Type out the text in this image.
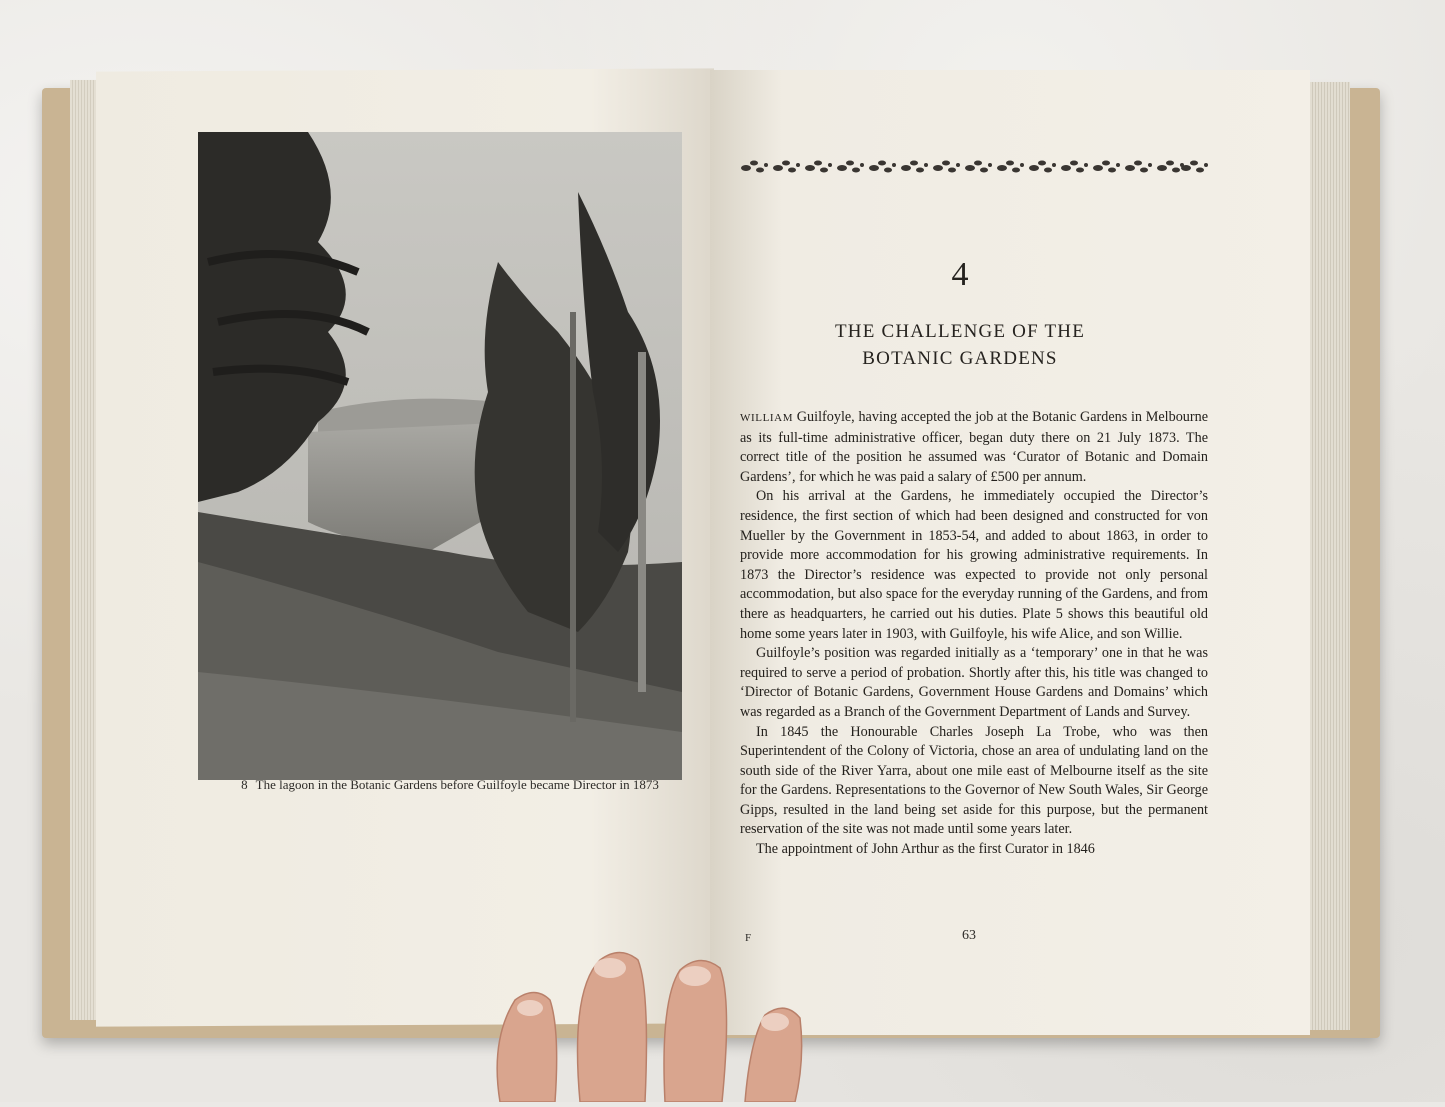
8 The lagoon in the Botanic Gardens before Guilfoyle became Director in 1873
4
THE CHALLENGE OF THE
BOTANIC GARDENS

WILLIAM Guilfoyle, having accepted the job at the Botanic Gardens in Melbourne as its full-time administrative officer, began duty there on 21 July 1873. The correct title of the position he assumed was ‘Curator of Botanic and Domain Gardens’, for which he was paid a salary of £500 per annum.

On his arrival at the Gardens, he immediately occupied the Director’s residence, the first section of which had been designed and constructed for von Mueller by the Government in 1853-54, and added to about 1863, in order to provide more accommodation for his growing administrative requirements. In 1873 the Director’s residence was expected to provide not only personal accommodation, but also space for the everyday running of the Gardens, and from there as headquarters, he carried out his duties. Plate 5 shows this beautiful old home some years later in 1903, with Guilfoyle, his wife Alice, and son Willie.

Guilfoyle’s position was regarded initially as a ‘temporary’ one in that he was required to serve a period of probation. Shortly after this, his title was changed to ‘Director of Botanic Gardens, Government House Gardens and Domains’ which was regarded as a Branch of the Government Department of Lands and Survey.

In 1845 the Honourable Charles Joseph La Trobe, who was then Superintendent of the Colony of Victoria, chose an area of undulating land on the south side of the River Yarra, about one mile east of Melbourne itself as the site for the Gardens. Representations to the Governor of New South Wales, Sir George Gipps, resulted in the land being set aside for this purpose, but the permanent reservation of the site was not made until some years later.

The appointment of John Arthur as the first Curator in 1846

F	63
